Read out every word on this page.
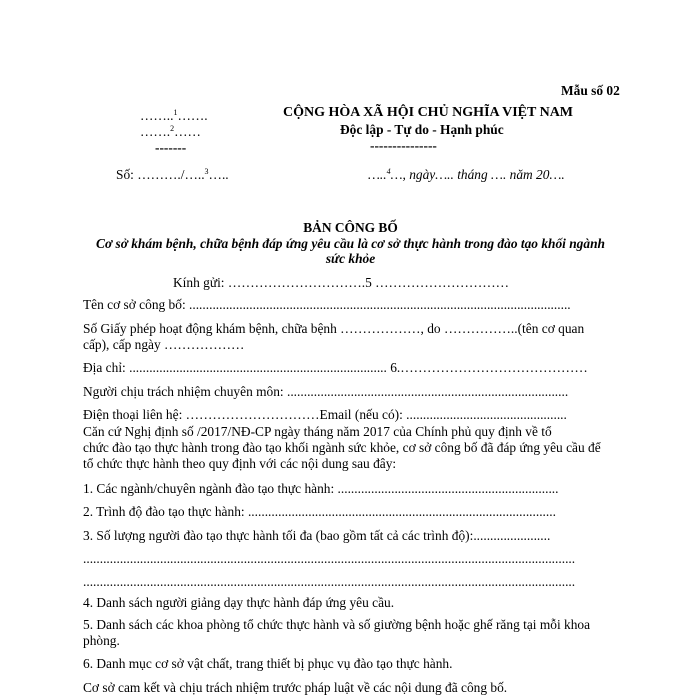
Mẫu số 02
……..$^1$…….
…….$^2$……
-------
CỘNG HÒA XÃ HỘI CHỦ NGHĨA VIỆT NAM
Độc lập - Tự do - Hạnh phúc
---------------
Số: ………./…..$^3$…..	…..$^4$…, ngày….. tháng …. năm 20….
BẢN CÔNG BỐ
Cơ sở khám bệnh, chữa bệnh đáp ứng yêu cầu là cơ sở thực hành trong đào tạo khối ngành
sức khỏe
Kính gửi: ………………………….5 …………………………
Tên cơ sở công bố: ..................................................................................................................
Số Giấy phép hoạt động khám bệnh, chữa bệnh ………………, do ……………..(tên cơ quan
cấp), cấp ngày ………………
Địa chỉ: ............................................................................. 6.……………………………………
Người chịu trách nhiệm chuyên môn: ....................................................................................
Điện thoại liên hệ: …………………………Email (nếu có): ................................................
Căn cứ Nghị định số /2017/NĐ-CP ngày tháng năm 2017 của Chính phủ quy định về tổ
chức đào tạo thực hành trong đào tạo khối ngành sức khỏe, cơ sở công bố đã đáp ứng yêu cầu để
tổ chức thực hành theo quy định với các nội dung sau đây:
1. Các ngành/chuyên ngành đào tạo thực hành: ..................................................................
2. Trình độ đào tạo thực hành: ............................................................................................
3. Số lượng người đào tạo thực hành tối đa (bao gồm tất cả các trình độ):.......................
...................................................................................................................................................
...................................................................................................................................................
4. Danh sách người giảng dạy thực hành đáp ứng yêu cầu.
5. Danh sách các khoa phòng tổ chức thực hành và số giường bệnh hoặc ghế răng tại mỗi khoa
phòng.
6. Danh mục cơ sở vật chất, trang thiết bị phục vụ đào tạo thực hành.
Cơ sở cam kết và chịu trách nhiệm trước pháp luật về các nội dung đã công bố.
